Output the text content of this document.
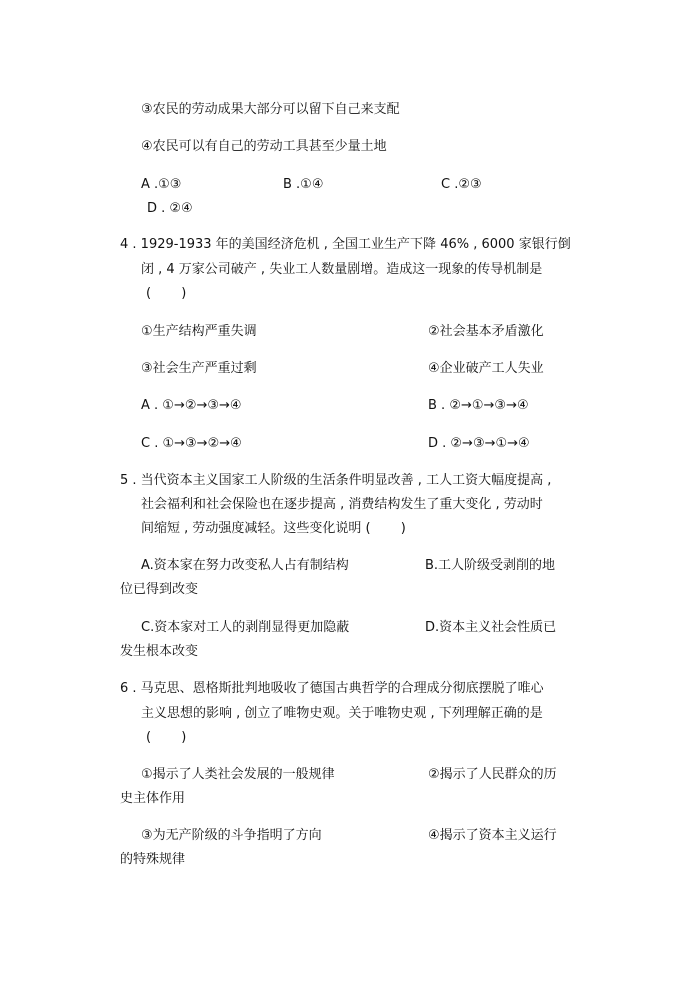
③农民的劳动成果大部分可以留下自己来支配
④农民可以有自己的劳动工具甚至少量土地
A .①③	B .①④	C .②③
D . ②④
4 . 1929-1933 年的美国经济危机 , 全国工业生产下降 46% , 6000 家银行倒
闭 , 4 万家公司破产 , 失业工人数量剧增。造成这一现象的传导机制是
(　　 )
①生产结构严重失调	②社会基本矛盾激化
③社会生产严重过剩	④企业破产工人失业
A . ①→②→③→④	B . ②→①→③→④
C . ①→③→②→④	D . ②→③→①→④
5 . 当代资本主义国家工人阶级的生活条件明显改善 , 工人工资大幅度提高 ,
社会福利和社会保险也在逐步提高 , 消费结构发生了重大变化 , 劳动时
间缩短 , 劳动强度减轻。这些变化说明 (　　 )
A.资本家在努力改变私人占有制结构	B.工人阶级受剥削的地
位已得到改变
C.资本家对工人的剥削显得更加隐蔽	D.资本主义社会性质已
发生根本改变
6 . 马克思、恩格斯批判地吸收了德国古典哲学的合理成分彻底摆脱了唯心
主义思想的影响 , 创立了唯物史观。关于唯物史观 , 下列理解正确的是
(　　 )
①揭示了人类社会发展的一般规律	②揭示了人民群众的历
史主体作用
③为无产阶级的斗争指明了方向	④揭示了资本主义运行
的特殊规律
